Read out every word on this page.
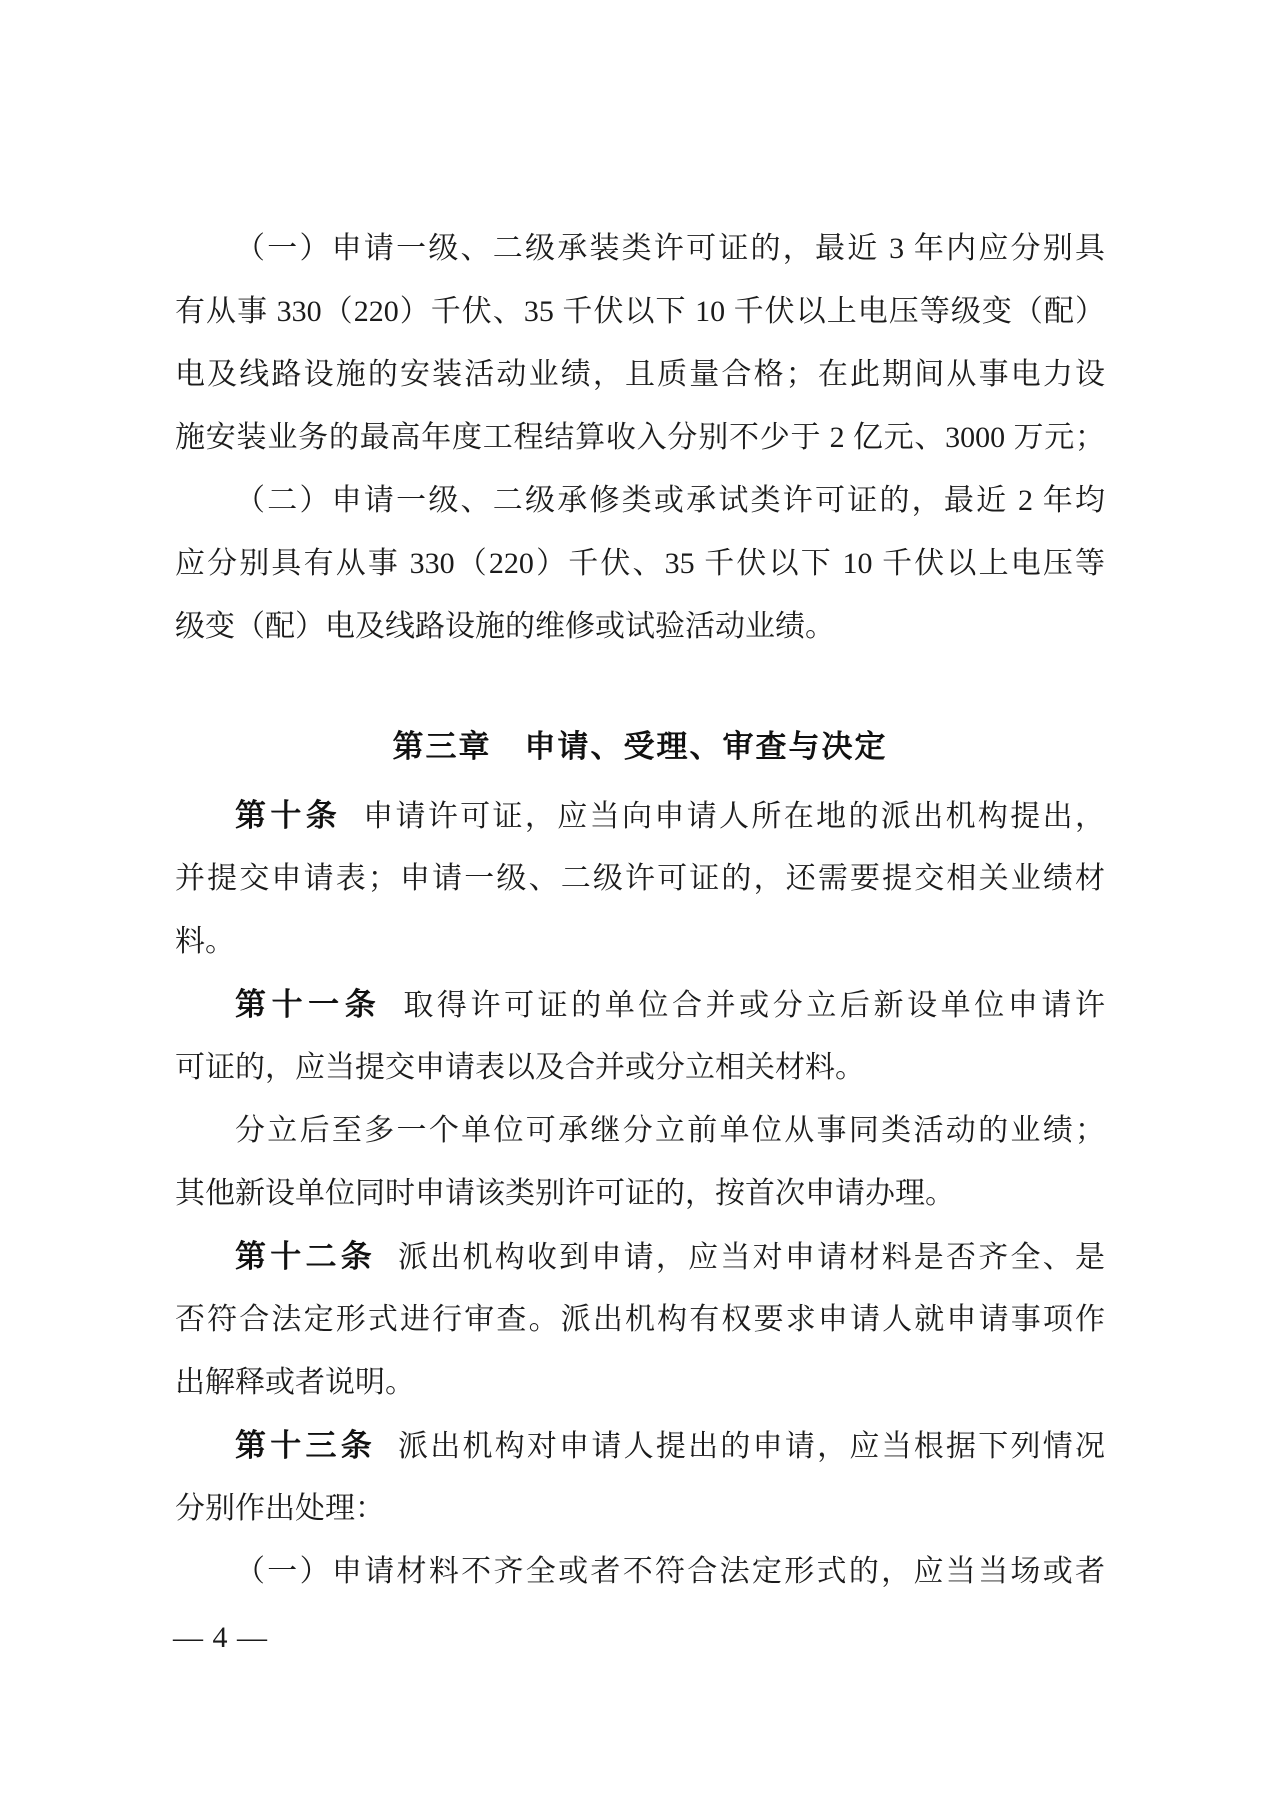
（一）申请一级、二级承装类许可证的，最近 3 年内应分别具
有从事 330（220）千伏、35 千伏以下 10 千伏以上电压等级变（配）
电及线路设施的安装活动业绩，且质量合格；在此期间从事电力设
施安装业务的最高年度工程结算收入分别不少于 2 亿元、3000 万元；
（二）申请一级、二级承修类或承试类许可证的，最近 2 年均
应分别具有从事 330（220）千伏、35 千伏以下 10 千伏以上电压等
级变（配）电及线路设施的维修或试验活动业绩。
第三章　申请、受理、审查与决定
第十条 申请许可证，应当向申请人所在地的派出机构提出，
并提交申请表；申请一级、二级许可证的，还需要提交相关业绩材
料。
第十一条 取得许可证的单位合并或分立后新设单位申请许
可证的，应当提交申请表以及合并或分立相关材料。
分立后至多一个单位可承继分立前单位从事同类活动的业绩；
其他新设单位同时申请该类别许可证的，按首次申请办理。
第十二条 派出机构收到申请，应当对申请材料是否齐全、是
否符合法定形式进行审查。派出机构有权要求申请人就申请事项作
出解释或者说明。
第十三条 派出机构对申请人提出的申请，应当根据下列情况
分别作出处理：
（一）申请材料不齐全或者不符合法定形式的，应当当场或者
— 4 —
